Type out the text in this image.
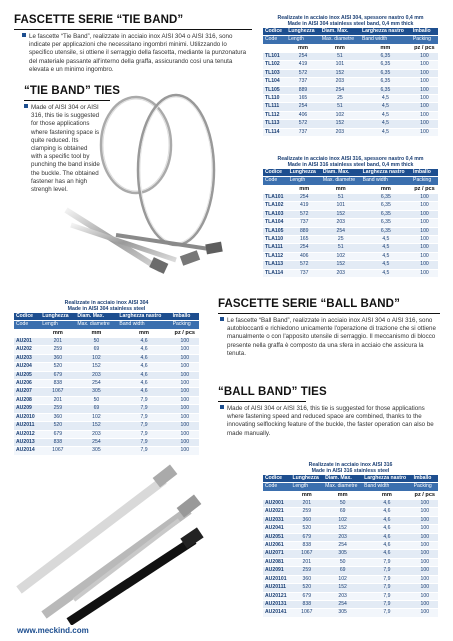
FASCETTE SERIE “TIE BAND”

Le fascette “Tie Band”, realizzate in acciaio inox AISI 304 o AISI 316, sono indicate per applicazioni che necessitano ingombri minimi. Utilizzando lo specifico utensile, si ottiene il serraggio della fascetta, mediante la punzonatura del materiale passante all'interno della graffa, assicurando così una tenuta elevata e un minimo ingombro.

“TIE BAND” TIES

Made of AISI 304 or AISI 316, this tie is suggested for those applications where fastening space is quite reduced. Its clamping is obtained with a specific tool by punching the band inside the buckle. The obtained fastener has an high strengh level.

Realizzate in acciaio inox AISI 304, spessore nastro 0,4 mm				
Made in AISI 304 stainless steel band, 0,4 mm thick				
Codice	Lunghezza	Diam. Max.	Larghezza nastro	Imballo
Code	Length	Max. diametre	Band width	Packing
	mm	mm	mm	pz / pcs
TL101	254	51	6,35	100
TL102	419	101	6,35	100
TL103	572	152	6,35	100
TL104	737	203	6,35	100
TL105	889	254	6,35	100
TL110	165	25	4,5	100
TL111	254	51	4,5	100
TL112	406	102	4,5	100
TL113	572	152	4,5	100
TL114	737	203	4,5	100
Realizzate in acciaio inox AISI 316, spessore nastro 0,4 mm				
Made in AISI 316 stainless steel band, 0,4 mm thick				
Codice	Lunghezza	Diam. Max.	Larghezza nastro	Imballo
Code	Length	Max. diametre	Band width	Packing
	mm	mm	mm	pz / pcs
TLA101	254	51	6,35	100
TLA102	419	101	6,35	100
TLA103	572	152	6,35	100
TLA104	737	203	6,35	100
TLA105	889	254	6,35	100
TLA110	165	25	4,5	100
TLA111	254	51	4,5	100
TLA112	406	102	4,5	100
TLA113	572	152	4,5	100
TLA114	737	203	4,5	100
Realizzate in acciaio inox AISI 304				
Made in AISI 304 stainless steel				
Codice	Lunghezza	Diam. Max.	Larghezza nastro	Imballo
Code	Length	Max. diametre	Band width	Packing
	mm	mm	mm	pz / pcs
AU201	201	50	4,6	100
AU202	259	69	4,6	100
AU203	360	102	4,6	100
AU204	520	152	4,6	100
AU205	679	203	4,6	100
AU206	838	254	4,6	100
AU207	1067	305	4,6	100
AU208	201	50	7,9	100
AU209	259	69	7,9	100
AU2010	360	102	7,9	100
AU2011	520	152	7,9	100
AU2012	679	203	7,9	100
AU2013	838	254	7,9	100
AU2014	1067	305	7,9	100
FASCETTE SERIE “BALL BAND”

Le fascette “Ball Band”, realizzate in acciaio inox AISI 304 o AISI 316, sono autobloccanti e richiedono unicamente l'operazione di trazione che si ottiene manualmente o con l'apposito utensile di serraggio. Il meccanismo di blocco presente nella graffa è composto da una sfera in acciaio che assicura la tenuta.

“BALL BAND” TIES

Made of AISI 304 or AISI 316, this tie is suggested for those applications where fastening speed and reduced space are combined, thanks to the innovating selflocking feature of the buckle, the faster operation can also be made manually.

Realizzate in acciaio inox AISI 316				
Made in AISI 316 stainless steel				
Codice	Lunghezza	Diam. Max.	Larghezza nastro	Imballo
Code	Length	Max. diametre	Band width	Packing
	mm	mm	mm	pz / pcs
AU2001	201	50	4,6	100
AU2021	259	69	4,6	100
AU2031	360	102	4,6	100
AU2041	520	152	4,6	100
AU2051	679	203	4,6	100
AU2061	838	254	4,6	100
AU2071	1067	305	4,6	100
AU2081	201	50	7,9	100
AU2091	259	69	7,9	100
AU20101	360	102	7,9	100
AU20111	520	152	7,9	100
AU20121	679	203	7,9	100
AU20131	838	254	7,9	100
AU20141	1067	305	7,9	100
www.meckind.com
